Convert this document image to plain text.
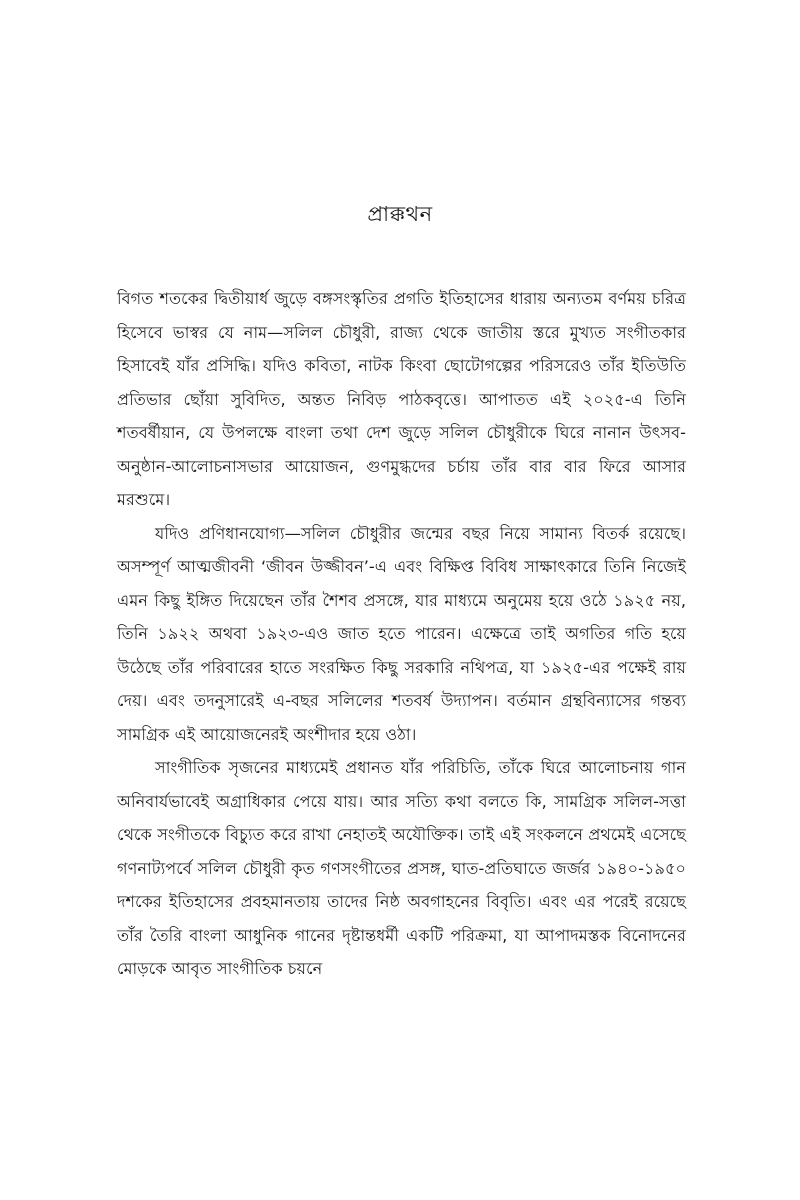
প্রাক্কথন

বিগত শতকের দ্বিতীয়ার্ধ জুড়ে বঙ্গসংস্কৃতির প্রগতি ইতিহাসের ধারায় অন্যতম বর্ণময় চরিত্র হিসেবে ভাস্বর যে নাম—সলিল চৌধুরী, রাজ্য থেকে জাতীয় স্তরে মুখ্যত সংগীতকার হিসাবেই যাঁর প্রসিদ্ধি। যদিও কবিতা, নাটক কিংবা ছোটোগল্পের পরিসরেও তাঁর ইতিউতি প্রতিভার ছোঁয়া সুবিদিত, অন্তত নিবিড় পাঠকবৃত্তে। আপাতত এই ২০২৫-এ তিনি শতবর্ষীয়ান, যে উপলক্ষে বাংলা তথা দেশ জুড়ে সলিল চৌধুরীকে ঘিরে নানান উৎসব-অনুষ্ঠান-আলোচনাসভার আয়োজন, গুণমুগ্ধদের চর্চায় তাঁর বার বার ফিরে আসার মরশুমে।

যদিও প্রণিধানযোগ্য—সলিল চৌধুরীর জন্মের বছর নিয়ে সামান্য বিতর্ক রয়েছে। অসম্পূর্ণ আত্মজীবনী ‘জীবন উজ্জীবন’-এ এবং বিক্ষিপ্ত বিবিধ সাক্ষাৎকারে তিনি নিজেই এমন কিছু ইঙ্গিত দিয়েছেন তাঁর শৈশব প্রসঙ্গে, যার মাধ্যমে অনুমেয় হয়ে ওঠে ১৯২৫ নয়, তিনি ১৯২২ অথবা ১৯২৩-এও জাত হতে পারেন। এক্ষেত্রে তাই অগতির গতি হয়ে উঠেছে তাঁর পরিবারের হাতে সংরক্ষিত কিছু সরকারি নথিপত্র, যা ১৯২৫-এর পক্ষেই রায় দেয়। এবং তদনুসারেই এ-বছর সলিলের শতবর্ষ উদ্যাপন। বর্তমান গ্রন্থবিন্যাসের গন্তব্য সামগ্রিক এই আয়োজনেরই অংশীদার হয়ে ওঠা।

সাংগীতিক সৃজনের মাধ্যমেই প্রধানত যাঁর পরিচিতি, তাঁকে ঘিরে আলোচনায় গান অনিবার্যভাবেই অগ্রাধিকার পেয়ে যায়। আর সত্যি কথা বলতে কি, সামগ্রিক সলিল-সত্তা থেকে সংগীতকে বিচ্যুত করে রাখা নেহাতই অযৌক্তিক। তাই এই সংকলনে প্রথমেই এসেছে গণনাট্যপর্বে সলিল চৌধুরী কৃত গণসংগীতের প্রসঙ্গ, ঘাত-প্রতিঘাতে জর্জর ১৯৪০-১৯৫০ দশকের ইতিহাসের প্রবহমানতায় তাদের নিষ্ঠ অবগাহনের বিবৃতি। এবং এর পরেই রয়েছে তাঁর তৈরি বাংলা আধুনিক গানের দৃষ্টান্তধর্মী একটি পরিক্রমা, যা আপাদমস্তক বিনোদনের মোড়কে আবৃত সাংগীতিক চয়নে
